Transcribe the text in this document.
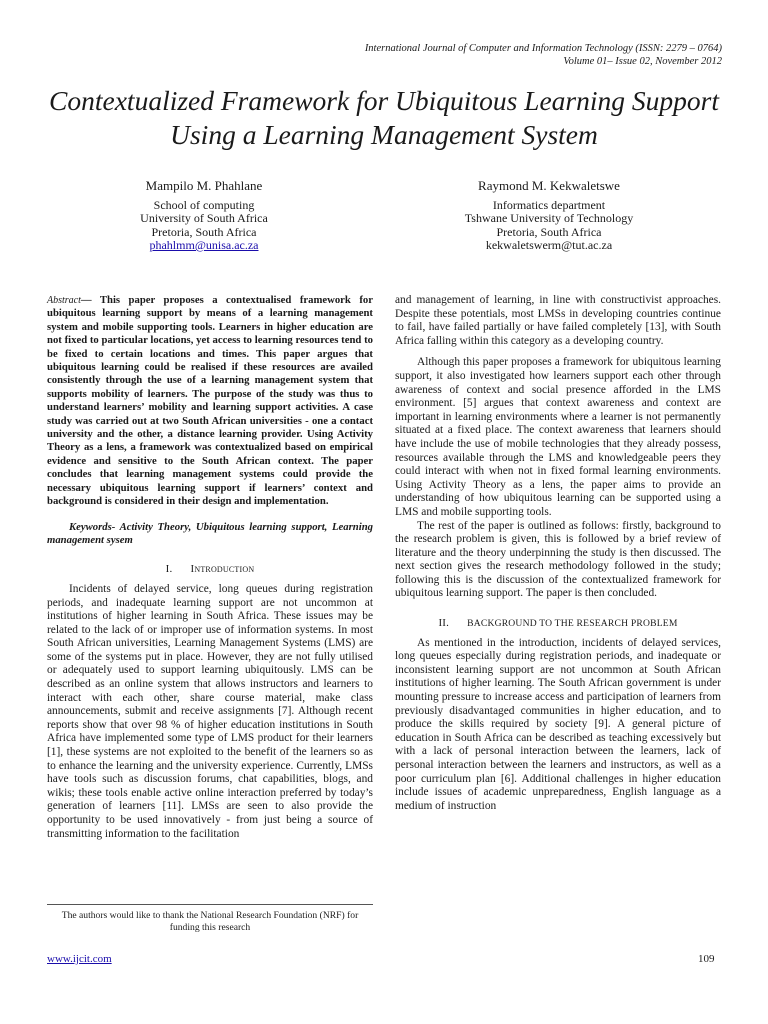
International Journal of Computer and Information Technology (ISSN: 2279 – 0764)
Volume 01– Issue 02, November 2012
Contextualized Framework for Ubiquitous Learning Support Using a Learning Management System
Mampilo M. Phahlane
School of computing
University of South Africa
Pretoria, South Africa
phahlmm@unisa.ac.za
Raymond M. Kekwaletswe
Informatics department
Tshwane University of Technology
Pretoria, South Africa
kekwaletswerm@tut.ac.za

Abstract— This paper proposes a contextualised framework for ubiquitous learning support by means of a learning management system and mobile supporting tools. Learners in higher education are not fixed to particular locations, yet access to learning resources tend to be fixed to certain locations and times. This paper argues that ubiquitous learning could be realised if these resources are availed consistently through the use of a learning management system that supports mobility of learners. The purpose of the study was thus to understand learners’ mobility and learning support activities. A case study was carried out at two South African universities - one a contact university and the other, a distance learning provider. Using Activity Theory as a lens, a framework was contextualized based on empirical evidence and sensitive to the South African context. The paper concludes that learning management systems could provide the necessary ubiquitous learning support if learners’ context and background is considered in their design and implementation.

Keywords- Activity Theory, Ubiquitous learning support, Learning management sysem

I. Introduction

Incidents of delayed service, long queues during registration periods, and inadequate learning support are not uncommon at institutions of higher learning in South Africa. These issues may be related to the lack of or improper use of information systems. In most South African universities, Learning Management Systems (LMS) are some of the systems put in place. However, they are not fully utilised or adequately used to support learning ubiquitously. LMS can be described as an online system that allows instructors and learners to interact with each other, share course material, make class announcements, submit and receive assignments [7]. Although recent reports show that over 98 % of higher education institutions in South Africa have implemented some type of LMS product for their learners [1], these systems are not exploited to the benefit of the learners so as to enhance the learning and the university experience. Currently, LMSs have tools such as discussion forums, chat capabilities, blogs, and wikis; these tools enable active online interaction preferred by today’s generation of learners [11]. LMSs are seen to also provide the opportunity to be used innovatively - from just being a source of transmitting information to the facilitation

and management of learning, in line with constructivist approaches. Despite these potentials, most LMSs in developing countries continue to fail, have failed partially or have failed completely [13], with South Africa falling within this category as a developing country.

Although this paper proposes a framework for ubiquitous learning support, it also investigated how learners support each other through awareness of context and social presence afforded in the LMS environment. [5] argues that context awareness and context are important in learning environments where a learner is not permanently situated at a fixed place. The context awareness that learners should have include the use of mobile technologies that they already possess, resources available through the LMS and knowledgeable peers they could interact with when not in fixed formal learning environments. Using Activity Theory as a lens, the paper aims to provide an understanding of how ubiquitous learning can be supported using a LMS and mobile supporting tools.

The rest of the paper is outlined as follows: firstly, background to the research problem is given, this is followed by a brief review of literature and the theory underpinning the study is then discussed. The next section gives the research methodology followed in the study; following this is the discussion of the contextualized framework for ubiquitous learning support. The paper is then concluded.

II. BACKGROUND TO THE RESEARCH PROBLEM

As mentioned in the introduction, incidents of delayed services, long queues especially during registration periods, and inadequate or inconsistent learning support are not uncommon at South African institutions of higher learning. The South African government is under mounting pressure to increase access and participation of learners from previously disadvantaged communities in higher education, and to produce the skills required by society [9]. A general picture of education in South Africa can be described as teaching excessively but with a lack of personal interaction between the learners, lack of personal interaction between the learners and instructors, as well as a poor curriculum plan [6]. Additional challenges in higher education include issues of academic unpreparedness, English language as a medium of instruction

The authors would like to thank the National Research Foundation (NRF) for funding this research
www.ijcit.com	109
